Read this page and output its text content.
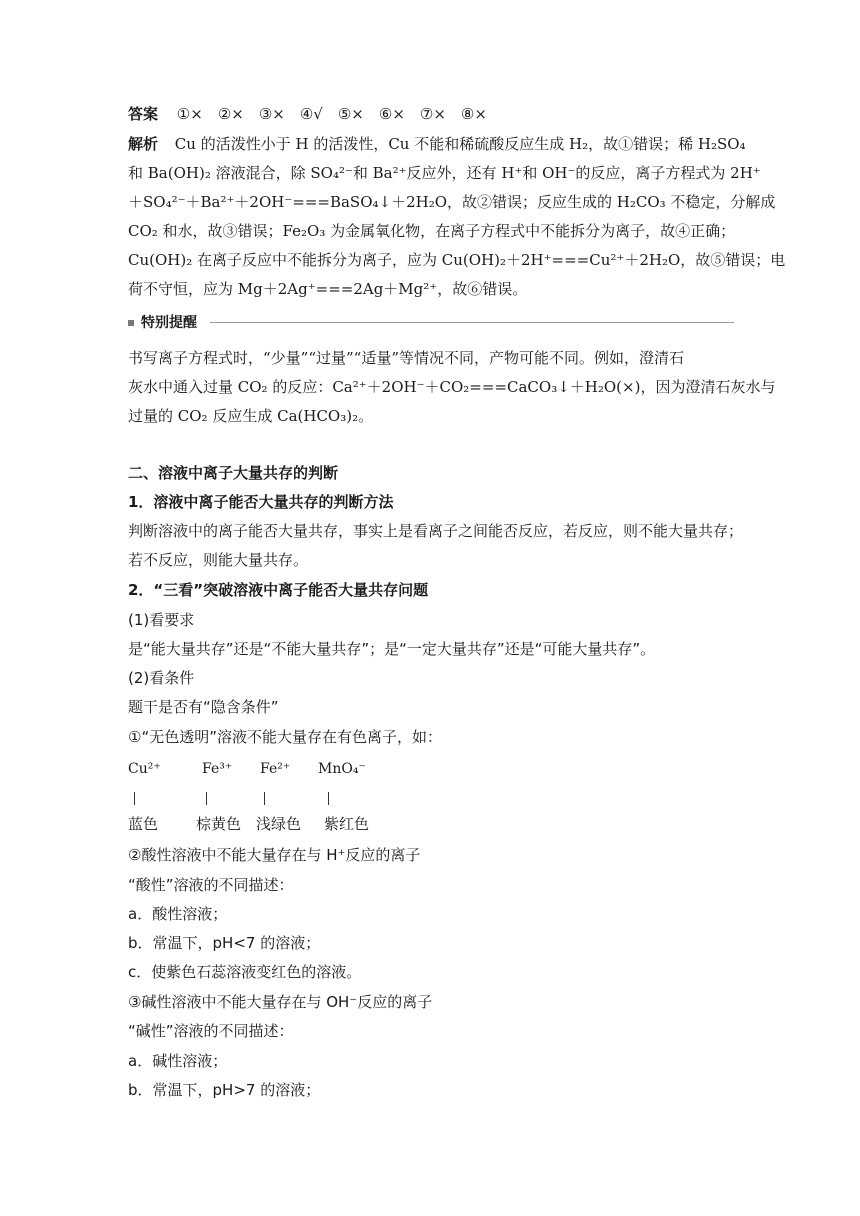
答案 ①×　②×　③×　④√　⑤×　⑥×　⑦×　⑧×
解析 Cu 的活泼性小于 H 的活泼性，Cu 不能和稀硫酸反应生成 H₂，故①错误；稀 H₂SO₄
和 Ba(OH)₂ 溶液混合，除 SO₄²⁻和 Ba²⁺反应外，还有 H⁺和 OH⁻的反应，离子方程式为 2H⁺
＋SO₄²⁻＋Ba²⁺＋2OH⁻===BaSO₄↓＋2H₂O，故②错误；反应生成的 H₂CO₃ 不稳定，分解成
CO₂ 和水，故③错误；Fe₂O₃ 为金属氧化物，在离子方程式中不能拆分为离子，故④正确；
Cu(OH)₂ 在离子反应中不能拆分为离子，应为 Cu(OH)₂＋2H⁺===Cu²⁺＋2H₂O，故⑤错误；电
荷不守恒，应为 Mg＋2Ag⁺===2Ag＋Mg²⁺，故⑥错误。
特别提醒
书写离子方程式时，“少量”“过量”“适量”等情况不同，产物可能不同。例如，澄清石
灰水中通入过量 CO₂ 的反应：Ca²⁺＋2OH⁻＋CO₂===CaCO₃↓＋H₂O(×)，因为澄清石灰水与
过量的 CO₂ 反应生成 Ca(HCO₃)₂。
二、溶液中离子大量共存的判断
1．溶液中离子能否大量共存的判断方法
判断溶液中的离子能否大量共存，事实上是看离子之间能否反应，若反应，则不能大量共存；
若不反应，则能大量共存。
2．“三看”突破溶液中离子能否大量共存问题
(1)看要求
是“能大量共存”还是“不能大量共存”；是“一定大量共存”还是“可能大量共存”。
(2)看条件
题干是否有“隐含条件”
①“无色透明”溶液不能大量存在有色离子，如：
Cu²⁺	Fe³⁺ Fe²⁺ MnO₄⁻
蓝色	棕黄色 浅绿色 紫红色
②酸性溶液中不能大量存在与 H⁺反应的离子
“酸性”溶液的不同描述：
a．酸性溶液；
b．常温下，pH<7 的溶液；
c．使紫色石蕊溶液变红色的溶液。
③碱性溶液中不能大量存在与 OH⁻反应的离子
“碱性”溶液的不同描述：
a．碱性溶液；
b．常温下，pH>7 的溶液；
